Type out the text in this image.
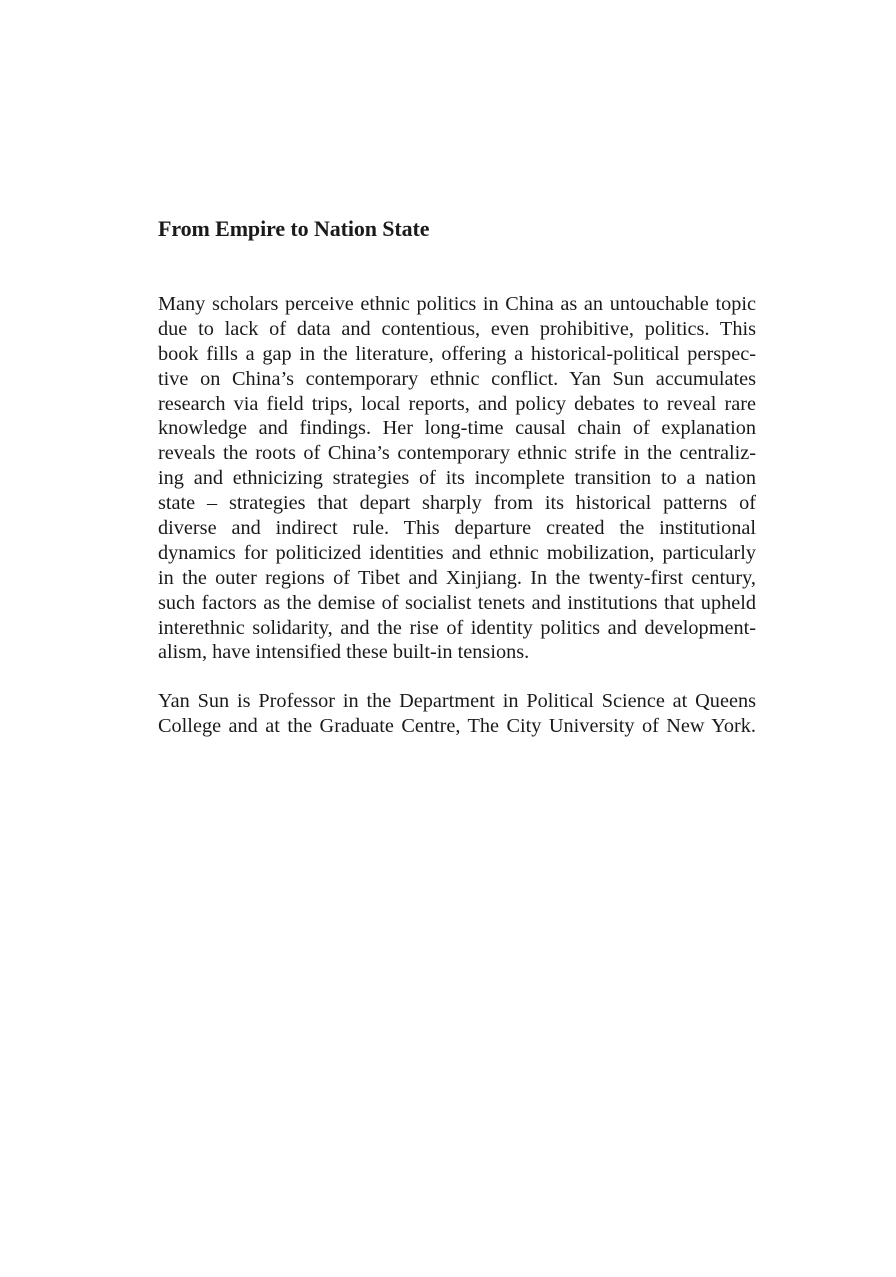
From Empire to Nation State
Many scholars perceive ethnic politics in China as an untouchable topic
due to lack of data and contentious, even prohibitive, politics. This
book fills a gap in the literature, offering a historical-political perspec-
tive on China’s contemporary ethnic conflict. Yan Sun accumulates
research via field trips, local reports, and policy debates to reveal rare
knowledge and findings. Her long-time causal chain of explanation
reveals the roots of China’s contemporary ethnic strife in the centraliz-
ing and ethnicizing strategies of its incomplete transition to a nation
state – strategies that depart sharply from its historical patterns of
diverse and indirect rule. This departure created the institutional
dynamics for politicized identities and ethnic mobilization, particularly
in the outer regions of Tibet and Xinjiang. In the twenty-first century,
such factors as the demise of socialist tenets and institutions that upheld
interethnic solidarity, and the rise of identity politics and development-
alism, have intensified these built-in tensions.
Yan Sun is Professor in the Department in Political Science at Queens
College and at the Graduate Centre, The City University of New York.
